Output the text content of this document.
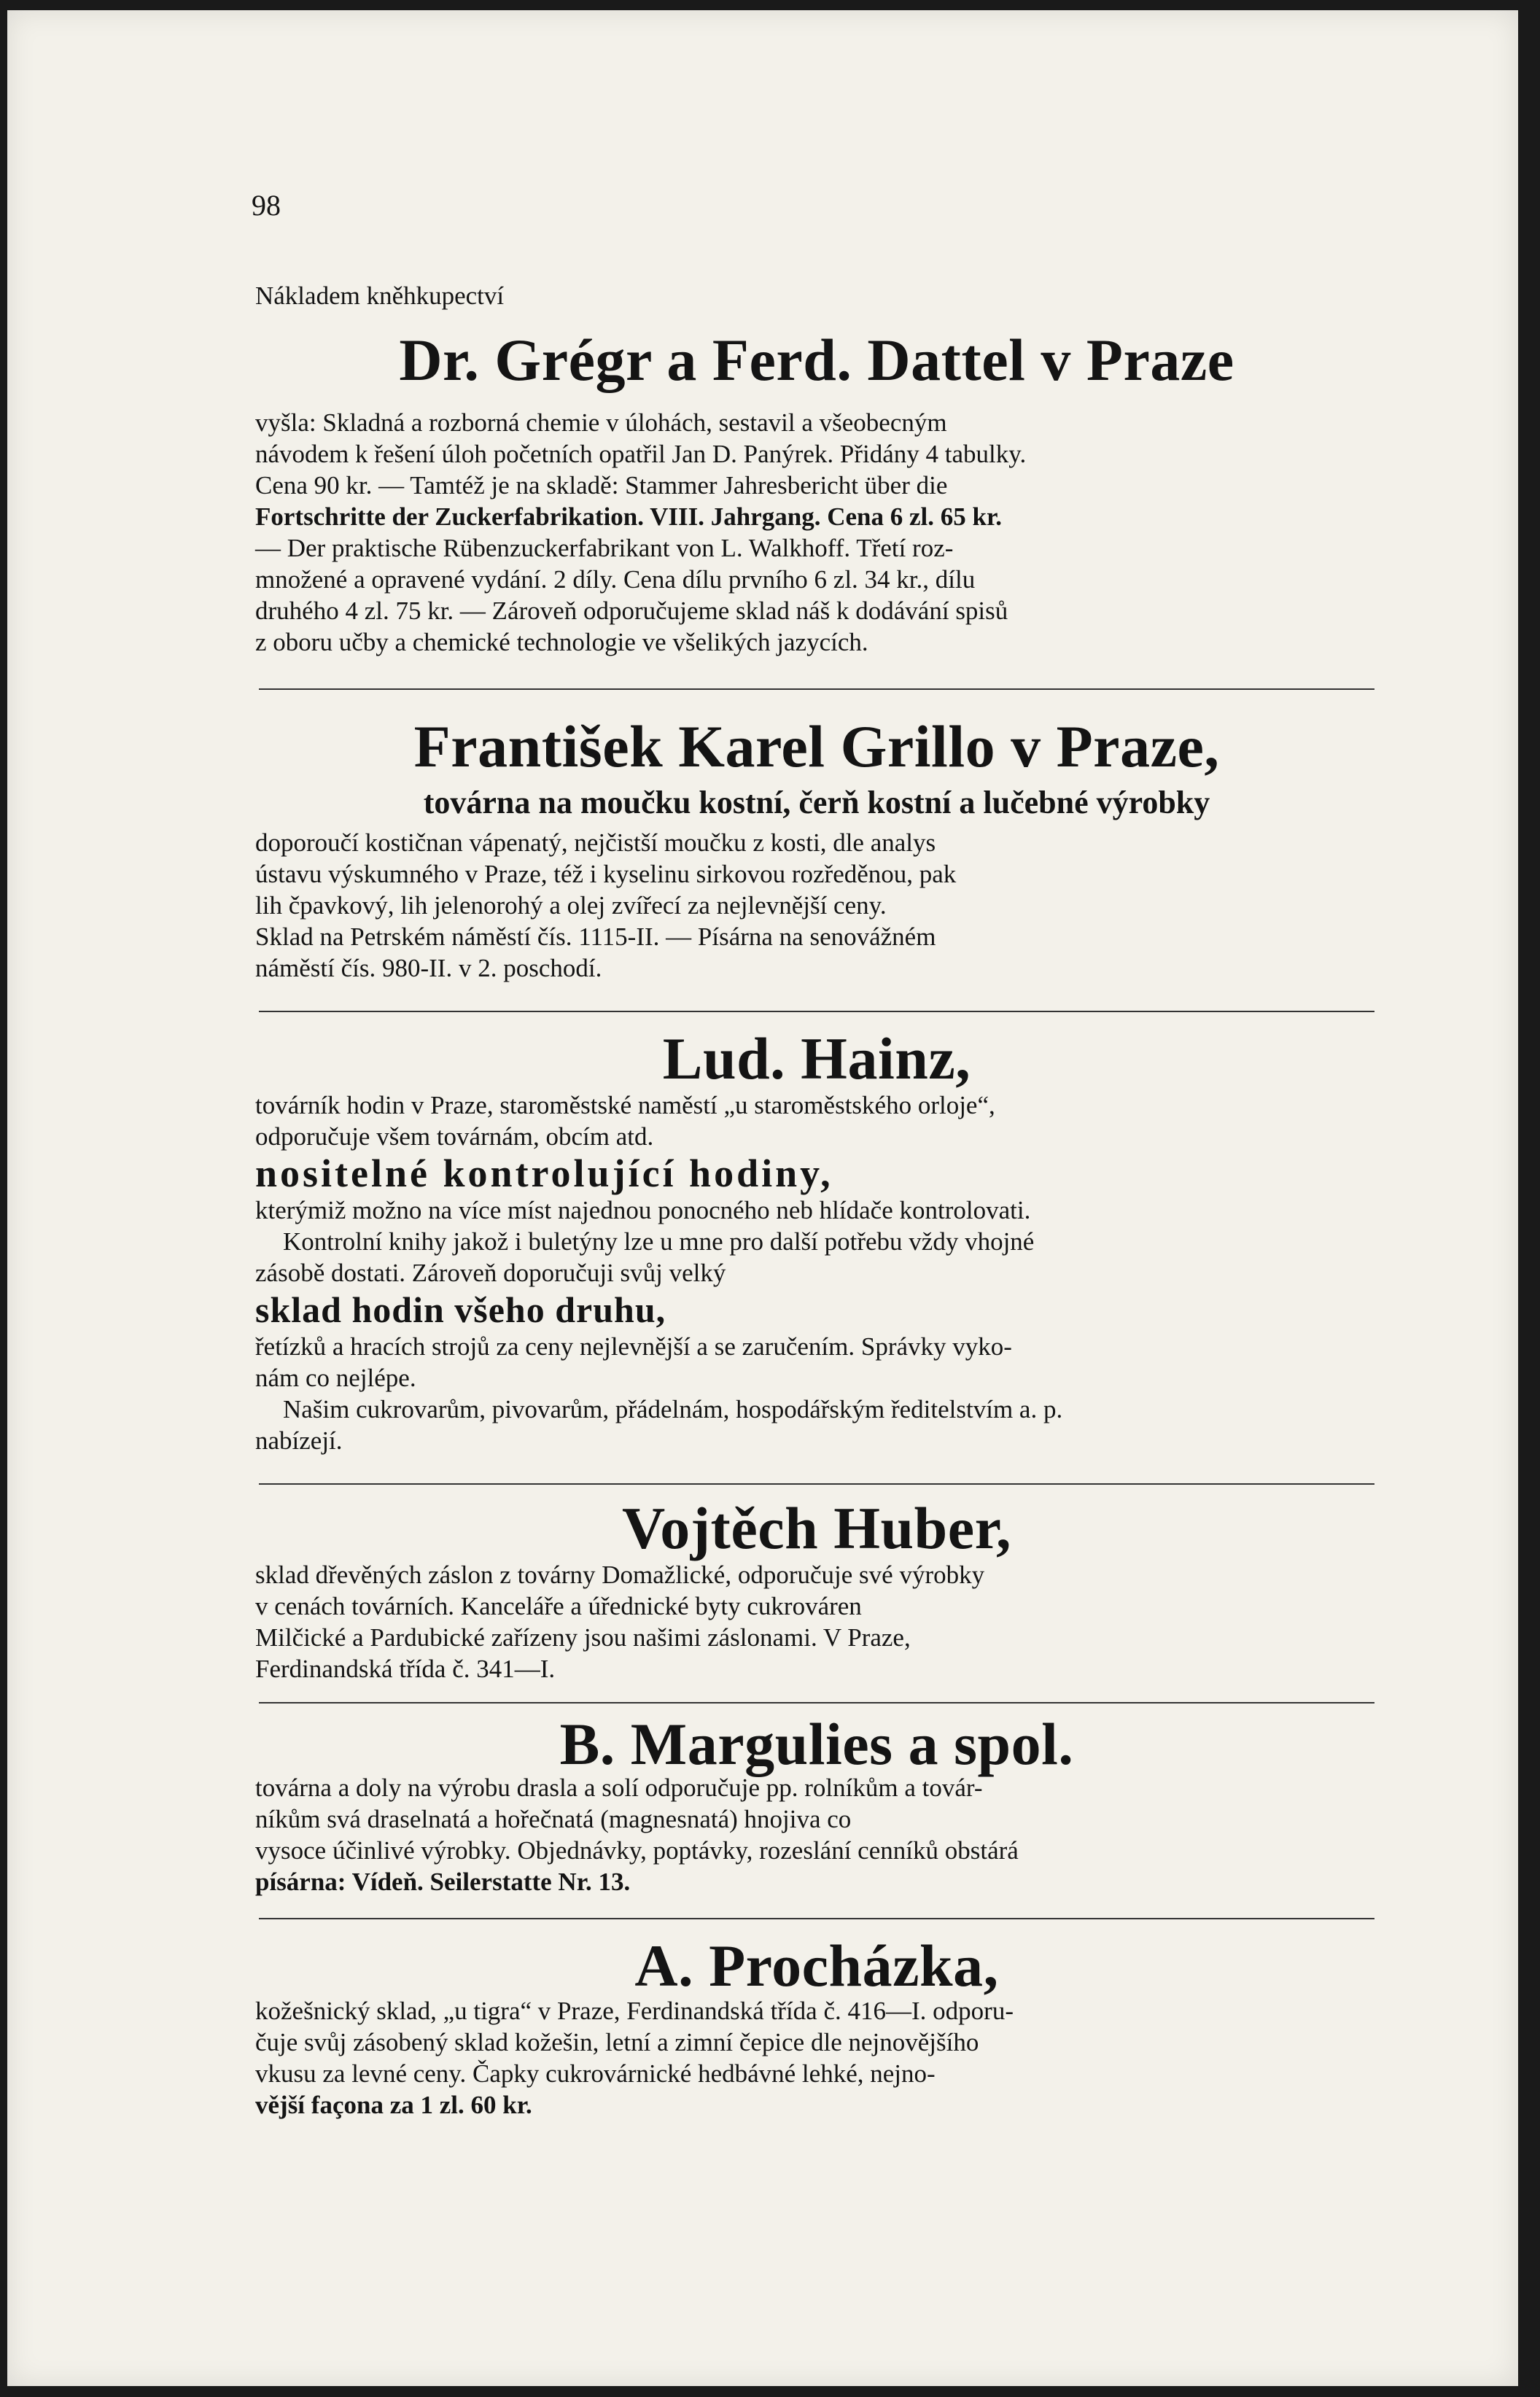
98
Nákladem kněhkupectví
Dr. Grégr a Ferd. Dattel v Praze
vyšla: Skladná a rozborná chemie v úlohách, sestavil a všeobecným
návodem k řešení úloh početních opatřil Jan D. Panýrek. Přidány 4 tabulky.
Cena 90 kr. — Tamtéž je na skladě: Stammer Jahresbericht über die
Fortschritte der Zuckerfabrikation. VIII. Jahrgang. Cena 6 zl. 65 kr.
— Der praktische Rübenzuckerfabrikant von L. Walkhoff. Třetí roz-
množené a opravené vydání. 2 díly. Cena dílu prvního 6 zl. 34 kr., dílu
druhého 4 zl. 75 kr. — Zároveň odporučujeme sklad náš k dodávání spisů
z oboru učby a chemické technologie ve všelikých jazycích.
František Karel Grillo v Praze,
továrna na moučku kostní, čerň kostní a lučebné výrobky
doporoučí kostičnan vápenatý, nejčistší moučku z kosti, dle analys
ústavu výskumného v Praze, též i kyselinu sirkovou rozředěnou, pak
lih čpavkový, lih jelenorohý a olej zvířecí za nejlevnější ceny.
Sklad na Petrském náměstí čís. 1115-II. — Písárna na senovážném
náměstí čís. 980-II. v 2. poschodí.
Lud. Hainz,
továrník hodin v Praze, staroměstské naměstí „u staroměstského orloje“,
odporučuje všem továrnám, obcím atd.
nositelné kontrolující hodiny,
kterýmiž možno na více míst najednou ponocného neb hlídače kontrolovati.
Kontrolní knihy jakož i buletýny lze u mne pro další potřebu vždy vhojné
zásobě dostati. Zároveň doporučuji svůj velký
sklad hodin všeho druhu,
řetízků a hracích strojů za ceny nejlevnější a se zaručením. Správky vyko-
nám co nejlépe.
Našim cukrovarům, pivovarům, přádelnám, hospodářským ředitelstvím a. p.
nabízejí.
Vojtěch Huber,
sklad dřevěných záslon z továrny Domažlické, odporučuje své výrobky
v cenách továrních. Kanceláře a úřednické byty cukrováren
Milčické a Pardubické zařízeny jsou našimi záslonami. V Praze,
Ferdinandská třída č. 341—I.
B. Margulies a spol.
továrna a doly na výrobu drasla a solí odporučuje pp. rolníkům a továr-
níkům svá draselnatá a hořečnatá (magnesnatá) hnojiva co
vysoce účinlivé výrobky. Objednávky, poptávky, rozeslání cenníků obstárá
písárna: Vídeň. Seilerstatte Nr. 13.
A. Procházka,
kožešnický sklad, „u tigra“ v Praze, Ferdinandská třída č. 416—I. odporu-
čuje svůj zásobený sklad kožešin, letní a zimní čepice dle nejnovějšího
vkusu za levné ceny. Čapky cukrovárnické hedbávné lehké, nejno-
vější façona za 1 zl. 60 kr.
